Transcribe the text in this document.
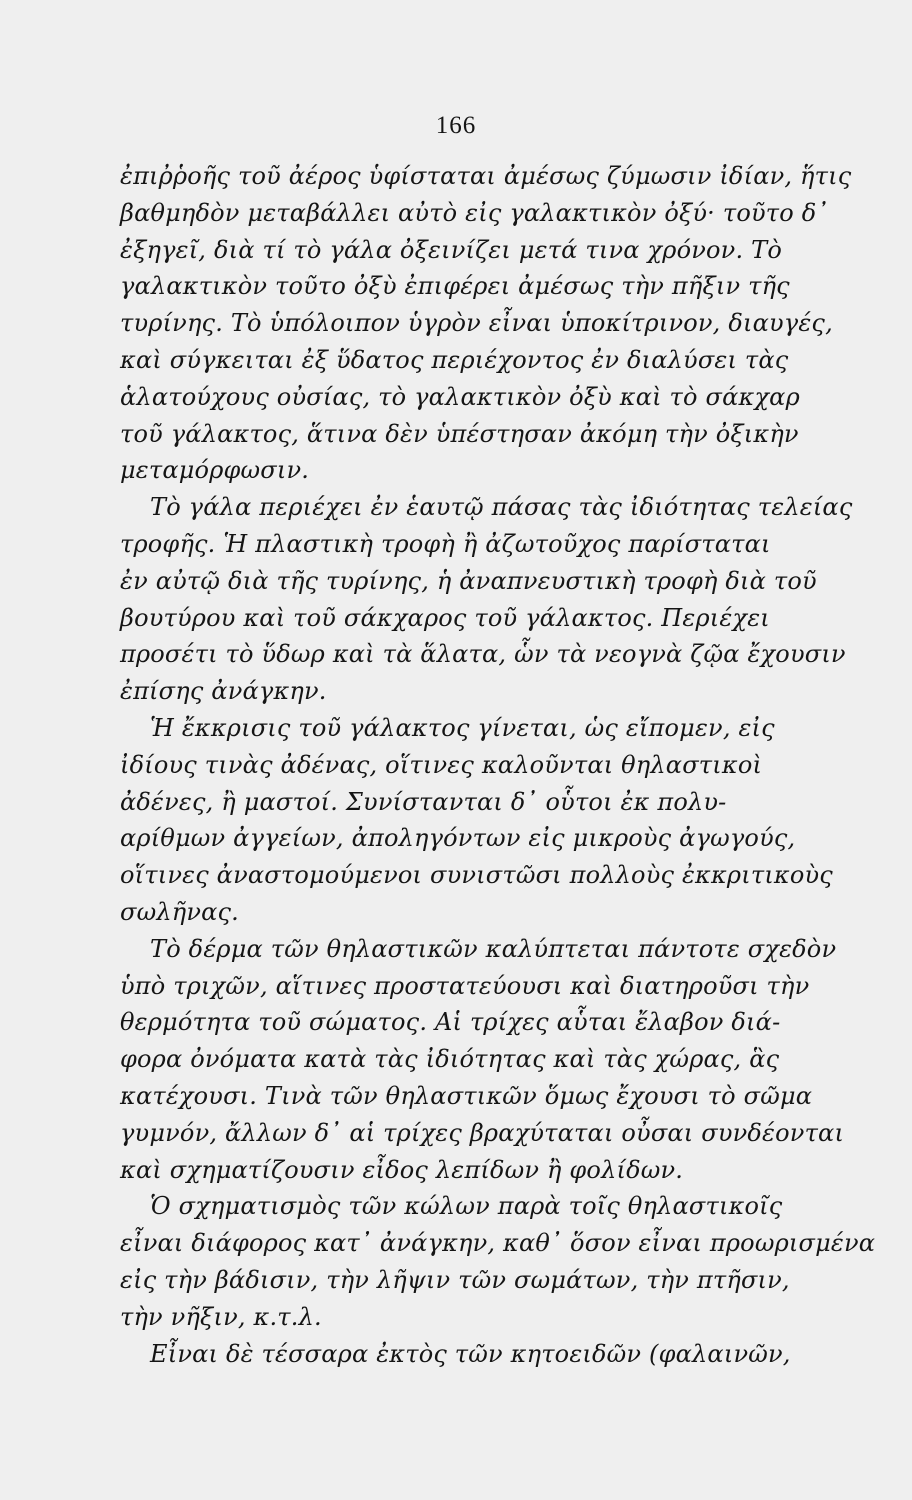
166
ἐπιῤῥοῆς τοῦ ἀέρος ὑφίσταται ἀμέσως ζύμωσιν ἰδίαν, ἥτις
βαθμηδὸν μεταβάλλει αὐτὸ εἰς γαλακτικὸν ὀξύ· τοῦτο δ᾽
ἐξηγεῖ, διὰ τί τὸ γάλα ὀξεινίζει μετά τινα χρόνον. Τὸ
γαλακτικὸν τοῦτο ὀξὺ ἐπιφέρει ἀμέσως τὴν πῆξιν τῆς
τυρίνης. Τὸ ὑπόλοιπον ὑγρὸν εἶναι ὑποκίτρινον, διαυγές,
καὶ σύγκειται ἐξ ὕδατος περιέχοντος ἐν διαλύσει τὰς
ἁλατούχους οὐσίας, τὸ γαλακτικὸν ὀξὺ καὶ τὸ σάκχαρ
τοῦ γάλακτος, ἅτινα δὲν ὑπέστησαν ἀκόμη τὴν ὀξικὴν
μεταμόρφωσιν.
Τὸ γάλα περιέχει ἐν ἑαυτῷ πάσας τὰς ἰδιότητας τελείας
τροφῆς. Ἡ πλαστικὴ τροφὴ ἢ ἀζωτοῦχος παρίσταται
ἐν αὐτῷ διὰ τῆς τυρίνης, ἡ ἀναπνευστικὴ τροφὴ διὰ τοῦ
βουτύρου καὶ τοῦ σάκχαρος τοῦ γάλακτος. Περιέχει
προσέτι τὸ ὕδωρ καὶ τὰ ἅλατα, ὧν τὰ νεογνὰ ζῷα ἔχουσιν
ἐπίσης ἀνάγκην.
Ἡ ἔκκρισις τοῦ γάλακτος γίνεται, ὡς εἴπομεν, εἰς
ἰδίους τινὰς ἀδένας, οἵτινες καλοῦνται θηλαστικοὶ
ἀδένες, ἢ μαστοί. Συνίστανται δ᾽ οὗτοι ἐκ πολυ-
αρίθμων ἀγγείων, ἀποληγόντων εἰς μικροὺς ἀγωγούς,
οἵτινες ἀναστομούμενοι συνιστῶσι πολλοὺς ἐκκριτικοὺς
σωλῆνας.
Τὸ δέρμα τῶν θηλαστικῶν καλύπτεται πάντοτε σχεδὸν
ὑπὸ τριχῶν, αἵτινες προστατεύουσι καὶ διατηροῦσι τὴν
θερμότητα τοῦ σώματος. Αἱ τρίχες αὗται ἔλαβον διά-
φορα ὀνόματα κατὰ τὰς ἰδιότητας καὶ τὰς χώρας, ἃς
κατέχουσι. Τινὰ τῶν θηλαστικῶν ὅμως ἔχουσι τὸ σῶμα
γυμνόν, ἄλλων δ᾽ αἱ τρίχες βραχύταται οὖσαι συνδέονται
καὶ σχηματίζουσιν εἶδος λεπίδων ἢ φολίδων.
Ὁ σχηματισμὸς τῶν κώλων παρὰ τοῖς θηλαστικοῖς
εἶναι διάφορος κατ᾽ ἀνάγκην, καθ᾽ ὅσον εἶναι προωρισμένα
εἰς τὴν βάδισιν, τὴν λῆψιν τῶν σωμάτων, τὴν πτῆσιν,
τὴν νῆξιν, κ.τ.λ.
Εἶναι δὲ τέσσαρα ἐκτὸς τῶν κητοειδῶν (φαλαινῶν,
